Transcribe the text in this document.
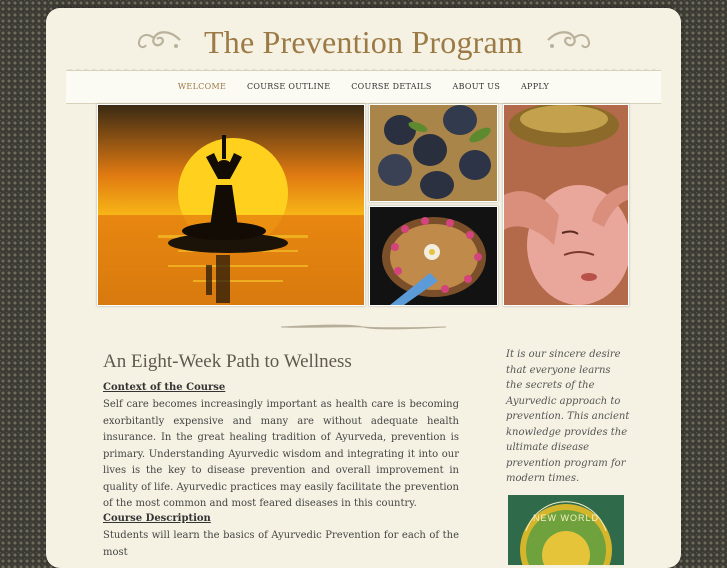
The Prevention Program
WELCOME	COURSE OUTLINE	COURSE DETAILS	ABOUT US	APPLY
An Eight-Week Path to Wellness
Context of the Course

Self care becomes increasingly important as health care is becoming exorbitantly expensive and many are without adequate health insurance. In the great healing tradition of Ayurveda, prevention is primary. Understanding Ayurvedic wisdom and integrating it into our lives is the key to disease prevention and overall improvement in quality of life. Ayurvedic practices may easily facilitate the prevention of the most common and most feared diseases in this country.

Course Description

Students will learn the basics of Ayurvedic Prevention for each of the most

It is our sincere desire that everyone learns the secrets of the Ayurvedic approach to prevention. This ancient knowledge provides the ultimate disease prevention program for modern times.

NEW WORLD
